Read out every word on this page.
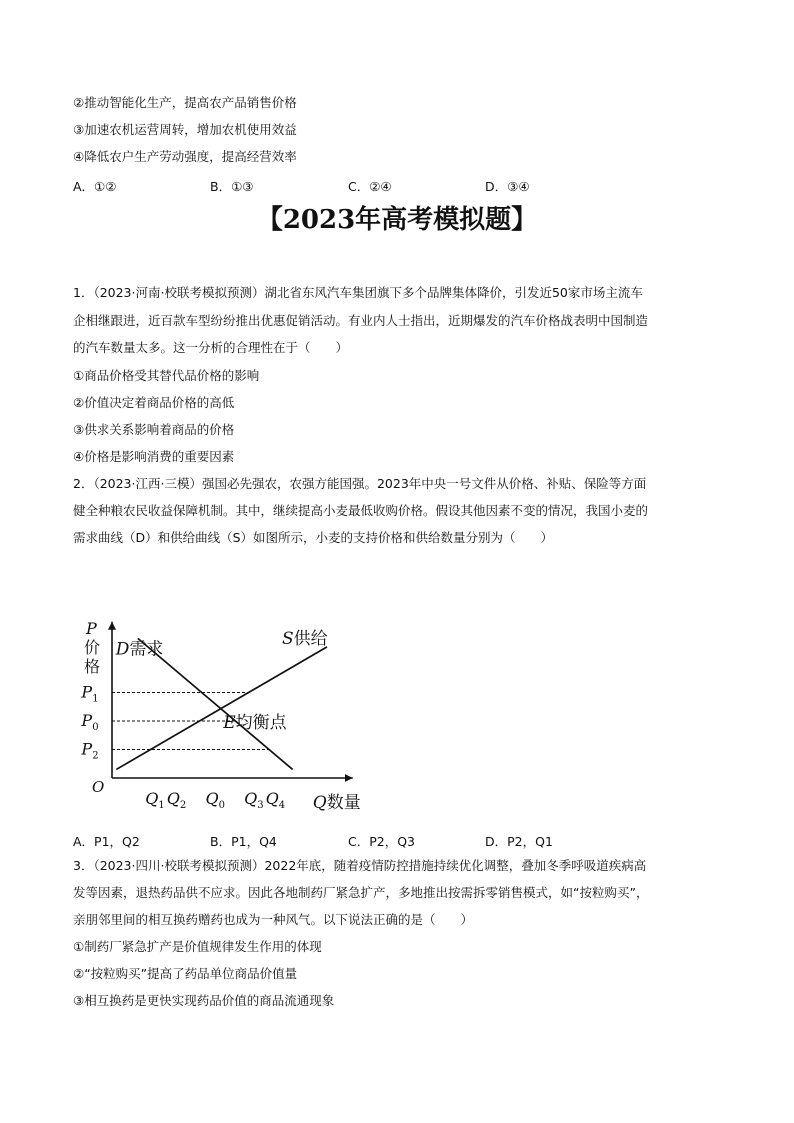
②推动智能化生产，提高农产品销售价格
③加速农机运营周转，增加农机使用效益
④降低农户生产劳动强度，提高经营效率
A．①②	B．①③	C．②④	D．③④
【2023年高考模拟题】
1．（2023·河南·校联考模拟预测）湖北省东风汽车集团旗下多个品牌集体降价，引发近50家市场主流车
企相继跟进，近百款车型纷纷推出优惠促销活动。有业内人士指出，近期爆发的汽车价格战表明中国制造
的汽车数量太多。这一分析的合理性在于（　　）
①商品价格受其替代品价格的影响
②价值决定着商品价格的高低
③供求关系影响着商品的价格
④价格是影响消费的重要因素
2．（2023·江西·三模）强国必先强农，农强方能国强。2023年中央一号文件从价格、补贴、保险等方面
健全种粮农民收益保障机制。其中，继续提高小麦最低收购价格。假设其他因素不变的情况，我国小麦的
需求曲线（D）和供给曲线（S）如图所示，小麦的支持价格和供给数量分别为（　　）
$P_1$
$P_0$
$P_2$
$Q_1$ $Q_2$ $Q_0$ $Q_3$ $Q_4$
O
P 价格
Q数量
D需求
S供给
E均衡点
A．P1，Q2	B．P1，Q4	C．P2，Q3	D．P2，Q1
3．（2023·四川·校联考模拟预测）2022年底，随着疫情防控措施持续优化调整，叠加冬季呼吸道疾病高
发等因素，退热药品供不应求。因此各地制药厂紧急扩产，多地推出按需拆零销售模式，如“按粒购买”，
亲朋邻里间的相互换药赠药也成为一种风气。以下说法正确的是（　　）
①制药厂紧急扩产是价值规律发生作用的体现
②“按粒购买”提高了药品单位商品价值量
③相互换药是更快实现药品价值的商品流通现象
